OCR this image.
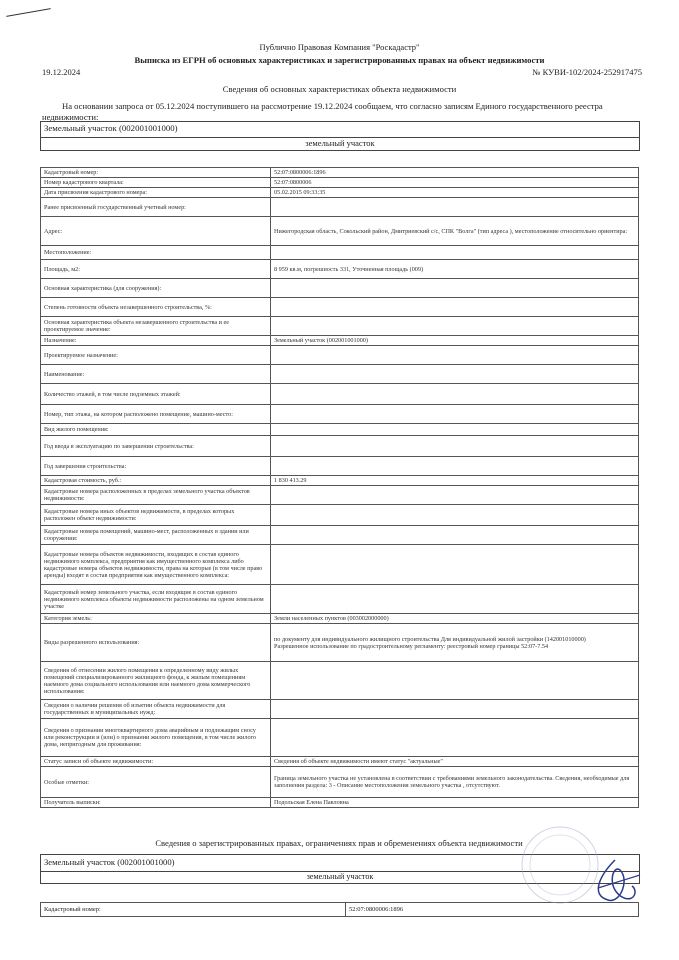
Публично Правовая Компания "Роскадастр"
Выписка из ЕГРН об основных характеристиках и зарегистрированных правах на объект недвижимости
19.12.2024	№ КУВИ-102/2024-252917475
Сведения об основных характеристиках объекта недвижимости
На основании запроса от 05.12.2024 поступившего на рассмотрение 19.12.2024 сообщаем, что согласно записям Единого государственного реестра недвижимости:
Земельный участок (002001001000)
земельный участок
Кадастровый номер:	52:07:0800006:1896
Номер кадастрового квартала:	52:07:0800006
Дата присвоения кадастрового номера:	05.02.2015 09:33:35
Ранее присвоенный государственный учетный номер:	
Адрес:	Нижегородская область, Сокольский район, Дмитриевский с/с, СПК "Волга" (тип адреса ), местоположение относительно ориентира:
Местоположение:	
Площадь, м2:	8 959 кв.м, погрешность 331, Уточненная площадь (009)
Основная характеристика (для сооружения):	
Степень готовности объекта незавершенного строительства, %:	
Основная характеристика объекта незавершенного строительства и ее проектируемое значение:	
Назначение:	Земельный участок (002001001000)
Проектируемое назначение:	
Наименование:	
Количество этажей, в том числе подземных этажей:	
Номер, тип этажа, на котором расположено помещение, машино-место:	
Вид жилого помещения:	
Год ввода в эксплуатацию по завершении строительства:	
Год завершения строительства:	
Кадастровая стоимость, руб.:	1 830 413.29
Кадастровые номера расположенных в пределах земельного участка объектов недвижимости:	
Кадастровые номера иных объектов недвижимости, в пределах которых расположен объект недвижимости:	
Кадастровые номера помещений, машино-мест, расположенных в здании или сооружении:	
Кадастровые номера объектов недвижимости, входящих в состав единого недвижимого комплекса, предприятия как имущественного комплекса либо кадастровые номера объектов недвижимости, права на которые (в том числе право аренды) входят в состав предприятия как имущественного комплекса:	
Кадастровый номер земельного участка, если входящие в состав единого недвижимого комплекса объекты недвижимости расположены на одном земельном участке	
Категория земель:	Земли населенных пунктов (003002000000)
Виды разрешенного использования:	по документу для индивидуального жилищного строительства Для индивидуальной жилой застройки (142001010000)
Разрешенное использование по градостроительному регламенту: реестровый номер границы 52:07-7.54
Сведения об отнесении жилого помещения к определенному виду жилых помещений специализированного жилищного фонда, к жилым помещениям наемного дома социального использования или наемного дома коммерческого использования:	
Сведения о наличии решения об изъятии объекта недвижимости для государственных и муниципальных нужд:	
Сведения о признании многоквартирного дома аварийным и подлежащим сносу или реконструкции и (или) о признании жилого помещения, в том числе жилого дома, непригодным для проживания:	
Статус записи об объекте недвижимости:	Сведения об объекте недвижимости имеют статус "актуальные"
Особые отметки:	Граница земельного участка не установлена в соответствии с требованиями земельного законодательства. Сведения, необходимые для заполнения раздела: 3 - Описание местоположения земельного участка , отсутствуют.
Получатель выписки:	Подольская Елена Павловна
Сведения о зарегистрированных правах, ограничениях прав и обременениях объекта недвижимости
Земельный участок (002001001000)
земельный участок
Кадастровый номер:	52:07:0800006:1896
